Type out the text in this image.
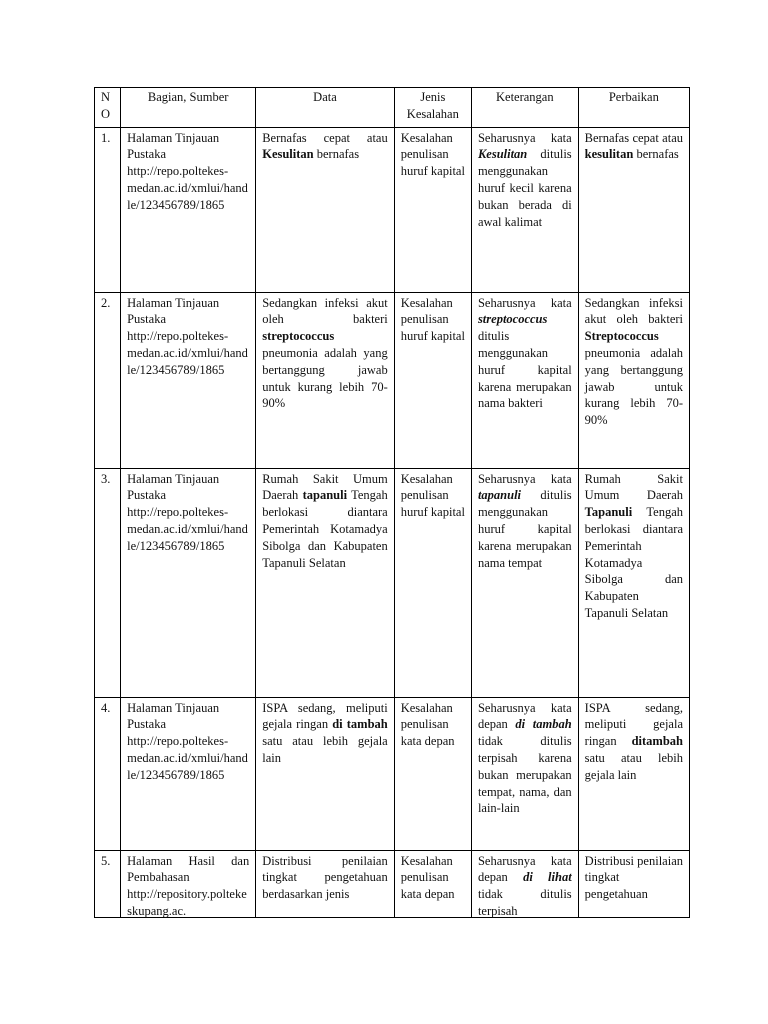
NO	Bagian, Sumber	Data	Jenis Kesalahan	Keterangan	Perbaikan
1.	Halaman Tinjauan Pustaka http://repo.poltekes-medan.ac.id/xmlui/handle/123456789/1865	Bernafas cepat atau Kesulitan bernafas	Kesalahan penulisan huruf kapital	Seharusnya kata Kesulitan ditulis menggunakan huruf kecil karena bukan berada di awal kalimat	Bernafas cepat atau kesulitan bernafas
2.	Halaman Tinjauan Pustaka http://repo.poltekes-medan.ac.id/xmlui/handle/123456789/1865	Sedangkan infeksi akut oleh bakteri streptococcus pneumonia adalah yang bertanggung jawab untuk kurang lebih 70-90%	Kesalahan penulisan huruf kapital	Seharusnya kata streptococcus ditulis menggunakan huruf kapital karena merupakan nama bakteri	Sedangkan infeksi akut oleh bakteri Streptococcus pneumonia adalah yang bertanggung jawab untuk kurang lebih 70-90%
3.	Halaman Tinjauan Pustaka http://repo.poltekes-medan.ac.id/xmlui/handle/123456789/1865	Rumah Sakit Umum Daerah tapanuli Tengah berlokasi diantara Pemerintah Kotamadya Sibolga dan Kabupaten Tapanuli Selatan	Kesalahan penulisan huruf kapital	Seharusnya kata tapanuli ditulis menggunakan huruf kapital karena merupakan nama tempat	Rumah Sakit Umum Daerah Tapanuli Tengah berlokasi diantara Pemerintah Kotamadya Sibolga dan Kabupaten Tapanuli Selatan
4.	Halaman Tinjauan Pustaka http://repo.poltekes-medan.ac.id/xmlui/handle/123456789/1865	ISPA sedang, meliputi gejala ringan di tambah satu atau lebih gejala lain	Kesalahan penulisan kata depan	Seharusnya kata depan di tambah tidak ditulis terpisah karena bukan merupakan tempat, nama, dan lain-lain	ISPA sedang, meliputi gejala ringan ditambah satu atau lebih gejala lain
5.	Halaman Hasil dan Pembahasan http://repository.poltekeskupang.ac.	Distribusi penilaian tingkat pengetahuan berdasarkan jenis	Kesalahan penulisan kata depan	Seharusnya kata depan di lihat tidak ditulis terpisah	Distribusi penilaian tingkat pengetahuan
